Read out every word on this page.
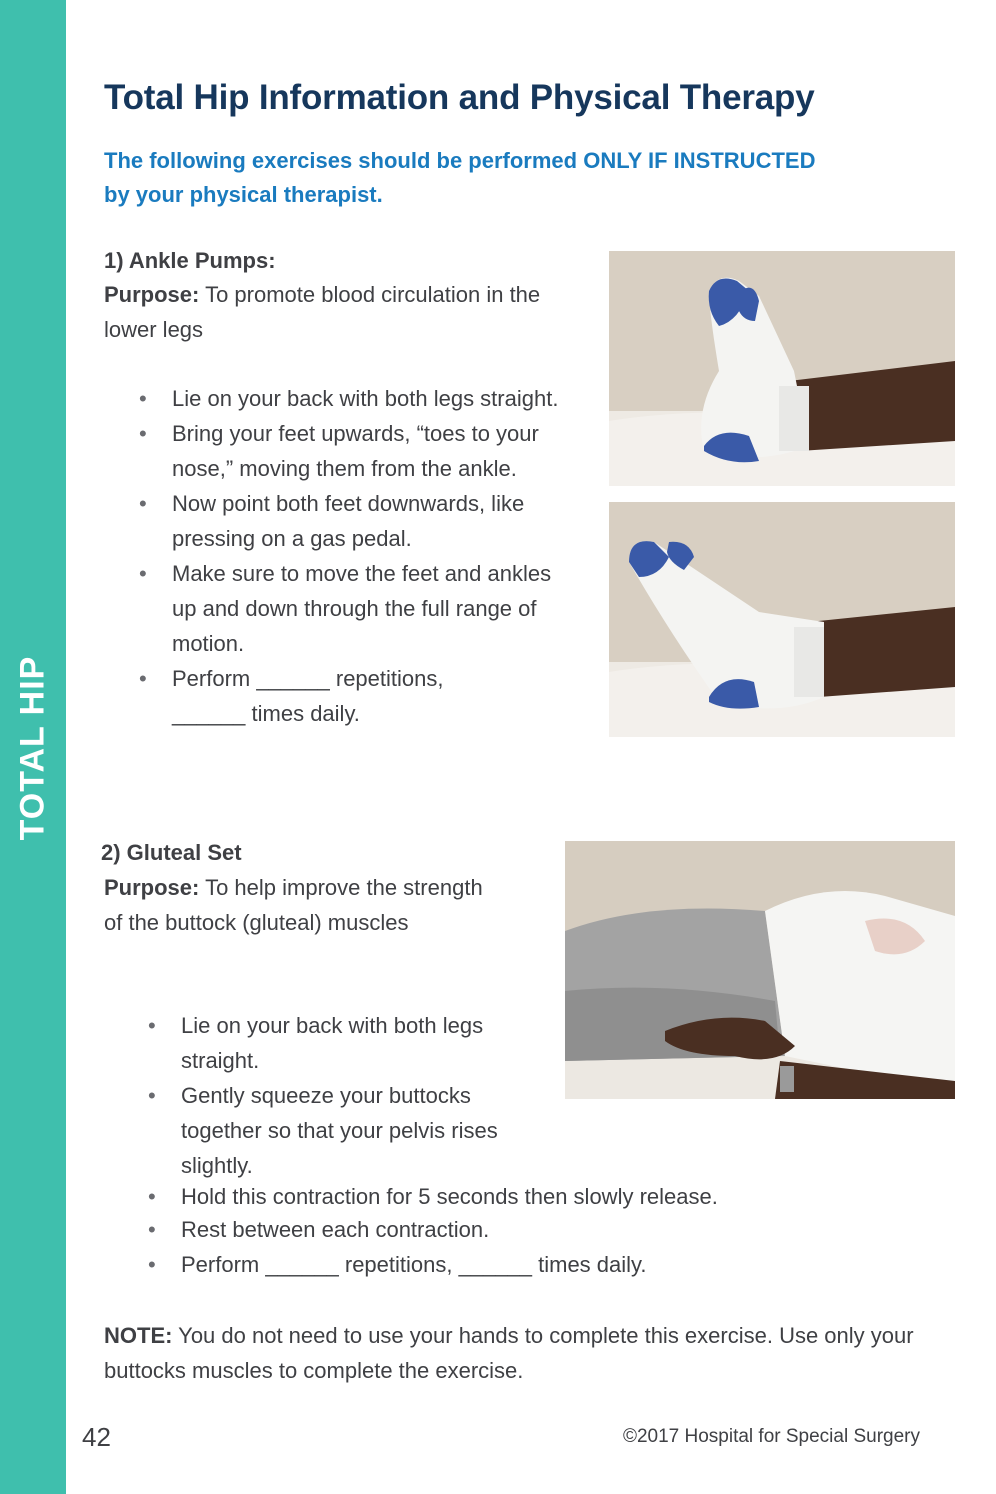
TOTAL HIP
Total Hip Information and Physical Therapy

The following exercises should be performed ONLY IF INSTRUCTED by your physical therapist.

1) Ankle Pumps:

Purpose: To promote blood circulation in the lower legs

• Lie on your back with both legs straight.
• Bring your feet upwards, “toes to your nose,” moving them from the ankle.
• Now point both feet downwards, like pressing on a gas pedal.
• Make sure to move the feet and ankles up and down through the full range of motion.
• Perform ______ repetitions, ______ times daily.
2) Gluteal Set

Purpose: To help improve the strength of the buttock (gluteal) muscles

• Lie on your back with both legs straight.
• Gently squeeze your buttocks together so that your pelvis rises slightly.
• Hold this contraction for 5 seconds then slowly release.
• Rest between each contraction.
• Perform ______ repetitions, ______ times daily.

NOTE: You do not need to use your hands to complete this exercise. Use only your buttocks muscles to complete the exercise.

42	©2017 Hospital for Special Surgery
